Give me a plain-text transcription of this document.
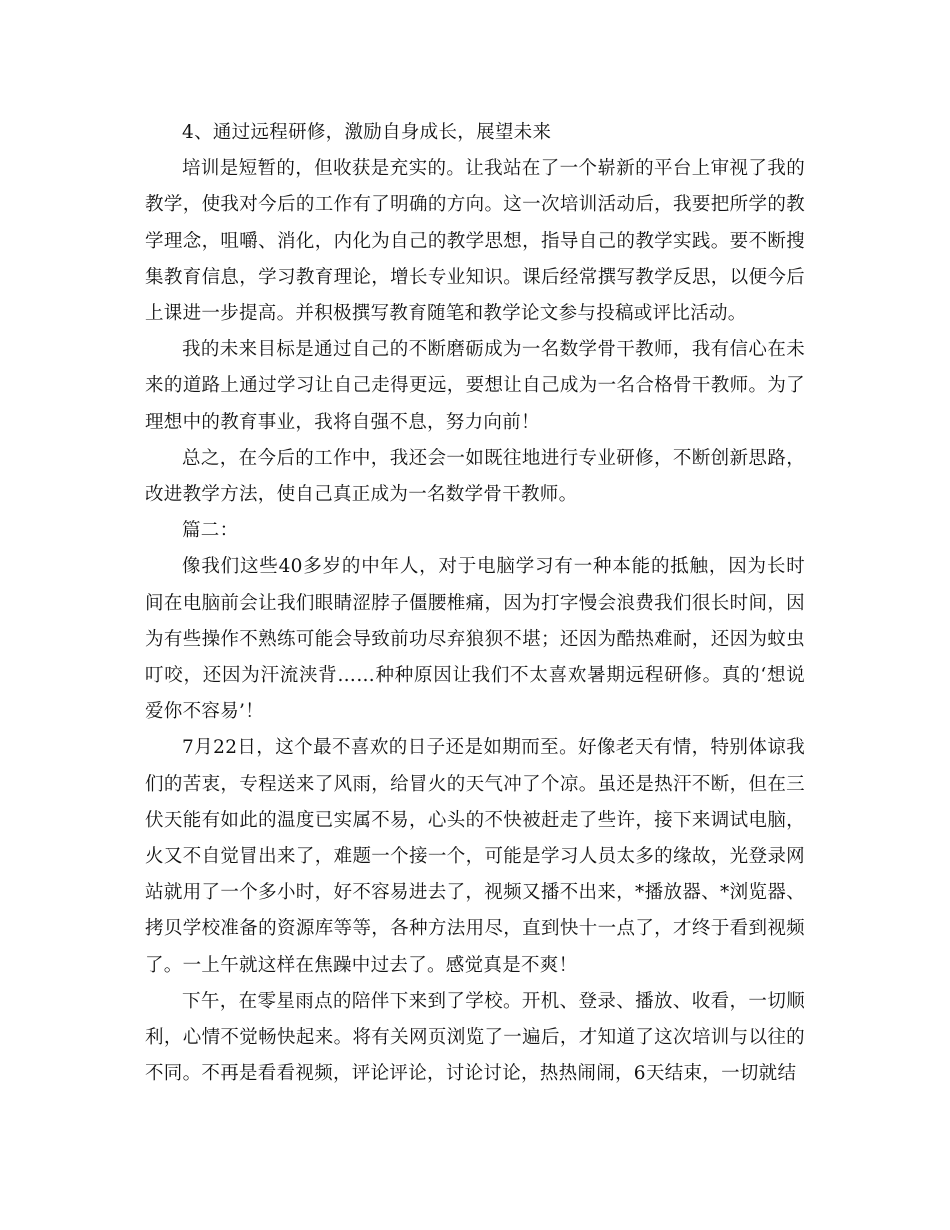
4、通过远程研修，激励自身成长，展望未来

培训是短暂的，但收获是充实的。让我站在了一个崭新的平台上审视了我的教学，使我对今后的工作有了明确的方向。这一次培训活动后，我要把所学的教学理念，咀嚼、消化，内化为自己的教学思想，指导自己的教学实践。要不断搜集教育信息，学习教育理论，增长专业知识。课后经常撰写教学反思，以便今后上课进一步提高。并积极撰写教育随笔和教学论文参与投稿或评比活动。

我的未来目标是通过自己的不断磨砺成为一名数学骨干教师，我有信心在未来的道路上通过学习让自己走得更远，要想让自己成为一名合格骨干教师。为了理想中的教育事业，我将自强不息，努力向前！

总之，在今后的工作中，我还会一如既往地进行专业研修，不断创新思路，改进教学方法，使自己真正成为一名数学骨干教师。

篇二：

像我们这些40多岁的中年人，对于电脑学习有一种本能的抵触，因为长时间在电脑前会让我们眼睛涩脖子僵腰椎痛，因为打字慢会浪费我们很长时间，因为有些操作不熟练可能会导致前功尽弃狼狈不堪；还因为酷热难耐，还因为蚊虫叮咬，还因为汗流浃背……种种原因让我们不太喜欢暑期远程研修。真的‘想说爱你不容易’！

7月22日，这个最不喜欢的日子还是如期而至。好像老天有情，特别体谅我们的苦衷，专程送来了风雨，给冒火的天气冲了个凉。虽还是热汗不断，但在三伏天能有如此的温度已实属不易，心头的不快被赶走了些许，接下来调试电脑，火又不自觉冒出来了，难题一个接一个，可能是学习人员太多的缘故，光登录网站就用了一个多小时，好不容易进去了，视频又播不出来，*播放器、*浏览器、拷贝学校准备的资源库等等，各种方法用尽，直到快十一点了，才终于看到视频了。一上午就这样在焦躁中过去了。感觉真是不爽！

下午，在零星雨点的陪伴下来到了学校。开机、登录、播放、收看，一切顺利，心情不觉畅快起来。将有关网页浏览了一遍后，才知道了这次培训与以往的不同。不再是看看视频，评论评论，讨论讨论，热热闹闹，6天结束，一切就结
